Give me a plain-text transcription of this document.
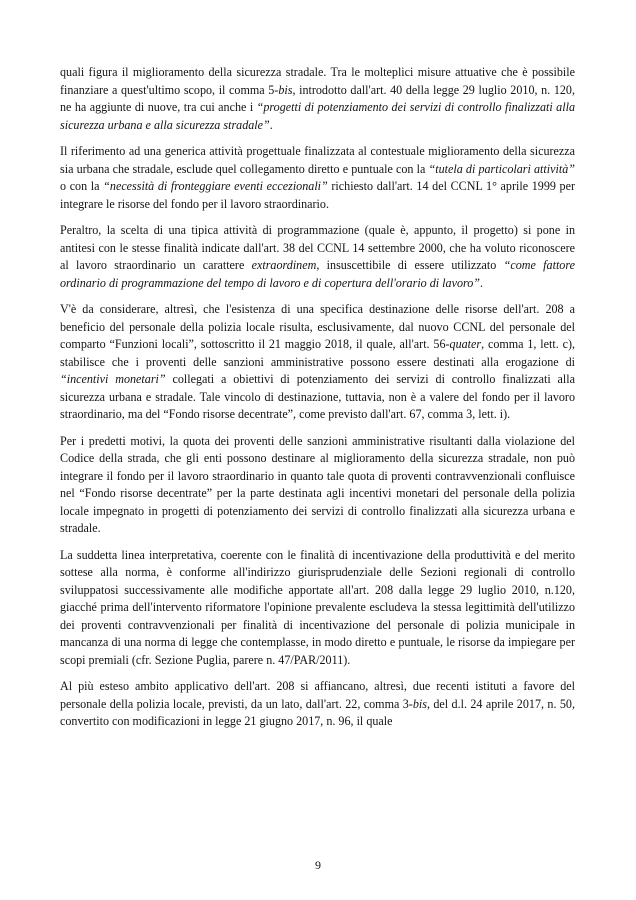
quali figura il miglioramento della sicurezza stradale. Tra le molteplici misure attuative che è possibile finanziare a quest'ultimo scopo, il comma 5-bis, introdotto dall'art. 40 della legge 29 luglio 2010, n. 120, ne ha aggiunte di nuove, tra cui anche i “progetti di potenziamento dei servizi di controllo finalizzati alla sicurezza urbana e alla sicurezza stradale”.

Il riferimento ad una generica attività progettuale finalizzata al contestuale miglioramento della sicurezza sia urbana che stradale, esclude quel collegamento diretto e puntuale con la “tutela di particolari attività” o con la “necessità di fronteggiare eventi eccezionali” richiesto dall'art. 14 del CCNL 1° aprile 1999 per integrare le risorse del fondo per il lavoro straordinario.

Peraltro, la scelta di una tipica attività di programmazione (quale è, appunto, il progetto) si pone in antitesi con le stesse finalità indicate dall'art. 38 del CCNL 14 settembre 2000, che ha voluto riconoscere al lavoro straordinario un carattere extraordinem, insuscettibile di essere utilizzato “come fattore ordinario di programmazione del tempo di lavoro e di copertura dell'orario di lavoro”.

V'è da considerare, altresì, che l'esistenza di una specifica destinazione delle risorse dell'art. 208 a beneficio del personale della polizia locale risulta, esclusivamente, dal nuovo CCNL del personale del comparto “Funzioni locali”, sottoscritto il 21 maggio 2018, il quale, all'art. 56-quater, comma 1, lett. c), stabilisce che i proventi delle sanzioni amministrative possono essere destinati alla erogazione di “incentivi monetari” collegati a obiettivi di potenziamento dei servizi di controllo finalizzati alla sicurezza urbana e stradale. Tale vincolo di destinazione, tuttavia, non è a valere del fondo per il lavoro straordinario, ma del “Fondo risorse decentrate”, come previsto dall'art. 67, comma 3, lett. i).

Per i predetti motivi, la quota dei proventi delle sanzioni amministrative risultanti dalla violazione del Codice della strada, che gli enti possono destinare al miglioramento della sicurezza stradale, non può integrare il fondo per il lavoro straordinario in quanto tale quota di proventi contravvenzionali confluisce nel “Fondo risorse decentrate” per la parte destinata agli incentivi monetari del personale della polizia locale impegnato in progetti di potenziamento dei servizi di controllo finalizzati alla sicurezza urbana e stradale.

La suddetta linea interpretativa, coerente con le finalità di incentivazione della produttività e del merito sottese alla norma, è conforme all'indirizzo giurisprudenziale delle Sezioni regionali di controllo sviluppatosi successivamente alle modifiche apportate all'art. 208 dalla legge 29 luglio 2010, n.120, giacché prima dell'intervento riformatore l'opinione prevalente escludeva la stessa legittimità dell'utilizzo dei proventi contravvenzionali per finalità di incentivazione del personale di polizia municipale in mancanza di una norma di legge che contemplasse, in modo diretto e puntuale, le risorse da impiegare per scopi premiali (cfr. Sezione Puglia, parere n. 47/PAR/2011).

Al più esteso ambito applicativo dell'art. 208 si affiancano, altresì, due recenti istituti a favore del personale della polizia locale, previsti, da un lato, dall'art. 22, comma 3-bis, del d.l. 24 aprile 2017, n. 50, convertito con modificazioni in legge 21 giugno 2017, n. 96, il quale

9
